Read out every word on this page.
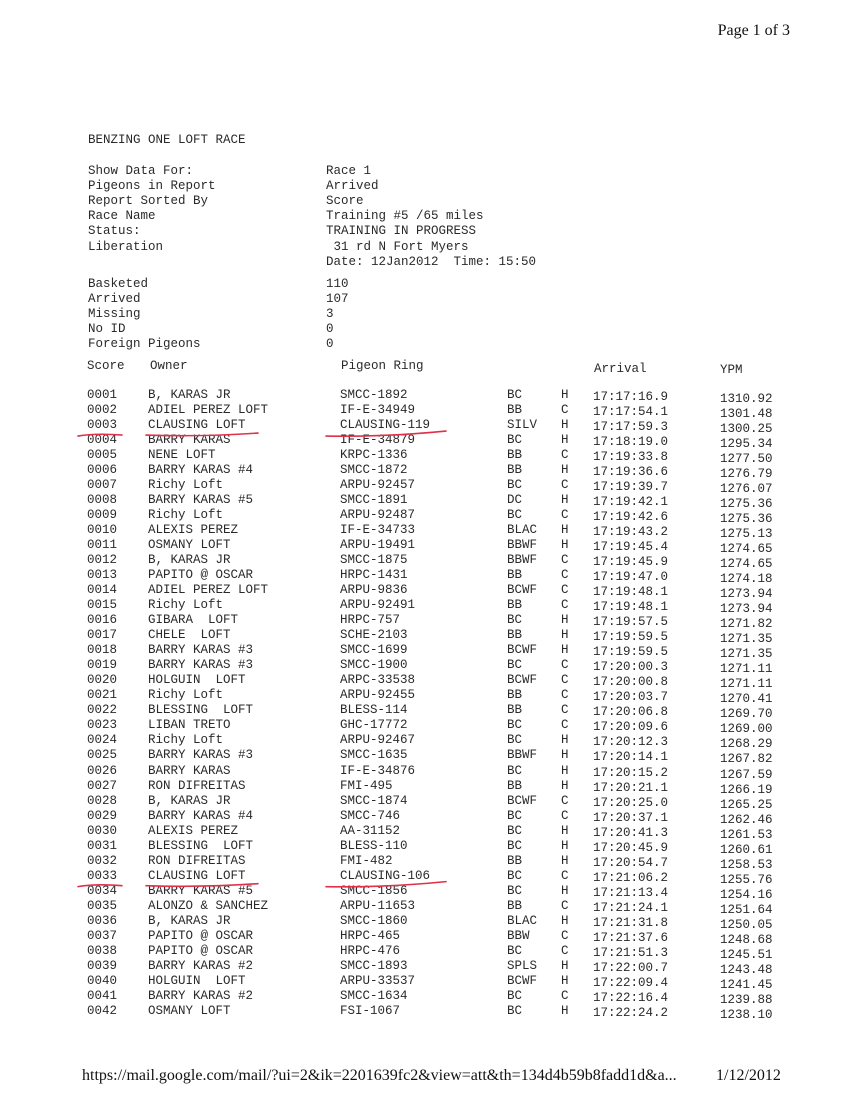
Page 1 of 3
BENZING ONE LOFT RACE
Show Data For:	Race 1
Pigeons in Report	Arrived
Report Sorted By	Score
Race Name	Training #5 /65 miles
Status:	TRAINING IN PROGRESS
Liberation	31 rd N Fort Myers
Date: 12Jan2012  Time: 15:50
Basketed	110
Arrived	107
Missing	3
No ID	0
Foreign Pigeons	0
Score Owner	Pigeon Ring	Arrival	YPM
0001 B, KARAS JR	SMCC-1892	BC	H 17:17:16.9	1310.92
0002 ADIEL PEREZ LOFT	IF-E-34949	BB	C 17:17:54.1	1301.48
0003 CLAUSING LOFT	CLAUSING-119	SILV H 17:17:59.3	1300.25
0004 BARRY KARAS	IF-E-34879	BC	H 17:18:19.0	1295.34
0005 NENE LOFT	KRPC-1336	BB	C 17:19:33.8	1277.50
0006 BARRY KARAS #4	SMCC-1872	BB	H 17:19:36.6	1276.79
0007 Richy Loft	ARPU-92457	BC	C 17:19:39.7	1276.07
0008 BARRY KARAS #5	SMCC-1891	DC	H 17:19:42.1	1275.36
0009 Richy Loft	ARPU-92487	BC	C 17:19:42.6	1275.36
0010 ALEXIS PEREZ	IF-E-34733	BLAC H 17:19:43.2	1275.13
0011 OSMANY LOFT	ARPU-19491	BBWF H 17:19:45.4	1274.65
0012 B, KARAS JR	SMCC-1875	BBWF C 17:19:45.9	1274.65
0013 PAPITO @ OSCAR	HRPC-1431	BB	C 17:19:47.0	1274.18
0014 ADIEL PEREZ LOFT	ARPU-9836	BCWF C 17:19:48.1	1273.94
0015 Richy Loft	ARPU-92491	BB	C 17:19:48.1	1273.94
0016 GIBARA  LOFT	HRPC-757	BC	H 17:19:57.5	1271.82
0017 CHELE  LOFT	SCHE-2103	BB	H 17:19:59.5	1271.35
0018 BARRY KARAS #3	SMCC-1699	BCWF H 17:19:59.5	1271.35
0019 BARRY KARAS #3	SMCC-1900	BC	C 17:20:00.3	1271.11
0020 HOLGUIN  LOFT	ARPC-33538	BCWF C 17:20:00.8	1271.11
0021 Richy Loft	ARPU-92455	BB	C 17:20:03.7	1270.41
0022 BLESSING  LOFT	BLESS-114	BB	C 17:20:06.8	1269.70
0023 LIBAN TRETO	GHC-17772	BC	C 17:20:09.6	1269.00
0024 Richy Loft	ARPU-92467	BC	H 17:20:12.3	1268.29
0025 BARRY KARAS #3	SMCC-1635	BBWF H 17:20:14.1	1267.82
0026 BARRY KARAS	IF-E-34876	BC	H 17:20:15.2	1267.59
0027 RON DIFREITAS	FMI-495	BB	H 17:20:21.1	1266.19
0028 B, KARAS JR	SMCC-1874	BCWF C 17:20:25.0	1265.25
0029 BARRY KARAS #4	SMCC-746	BC	C 17:20:37.1	1262.46
0030 ALEXIS PEREZ	AA-31152	BC	H 17:20:41.3	1261.53
0031 BLESSING  LOFT	BLESS-110	BC	H 17:20:45.9	1260.61
0032 RON DIFREITAS	FMI-482	BB	H 17:20:54.7	1258.53
0033 CLAUSING LOFT	CLAUSING-106	BC	C 17:21:06.2	1255.76
0034 BARRY KARAS #5	SMCC-1856	BC	H 17:21:13.4	1254.16
0035 ALONZO & SANCHEZ	ARPU-11653	BB	C 17:21:24.1	1251.64
0036 B, KARAS JR	SMCC-1860	BLAC H 17:21:31.8	1250.05
0037 PAPITO @ OSCAR	HRPC-465	BBW	C 17:21:37.6	1248.68
0038 PAPITO @ OSCAR	HRPC-476	BC	C 17:21:51.3	1245.51
0039 BARRY KARAS #2	SMCC-1893	SPLS H 17:22:00.7	1243.48
0040 HOLGUIN  LOFT	ARPU-33537	BCWF H 17:22:09.4	1241.45
0041 BARRY KARAS #2	SMCC-1634	BC	C 17:22:16.4	1239.88
0042 OSMANY LOFT	FSI-1067	BC	H 17:22:24.2	1238.10
https://mail.google.com/mail/?ui=2&ik=2201639fc2&view=att&th=134d4b59b8fadd1d&a... 1/12/2012
